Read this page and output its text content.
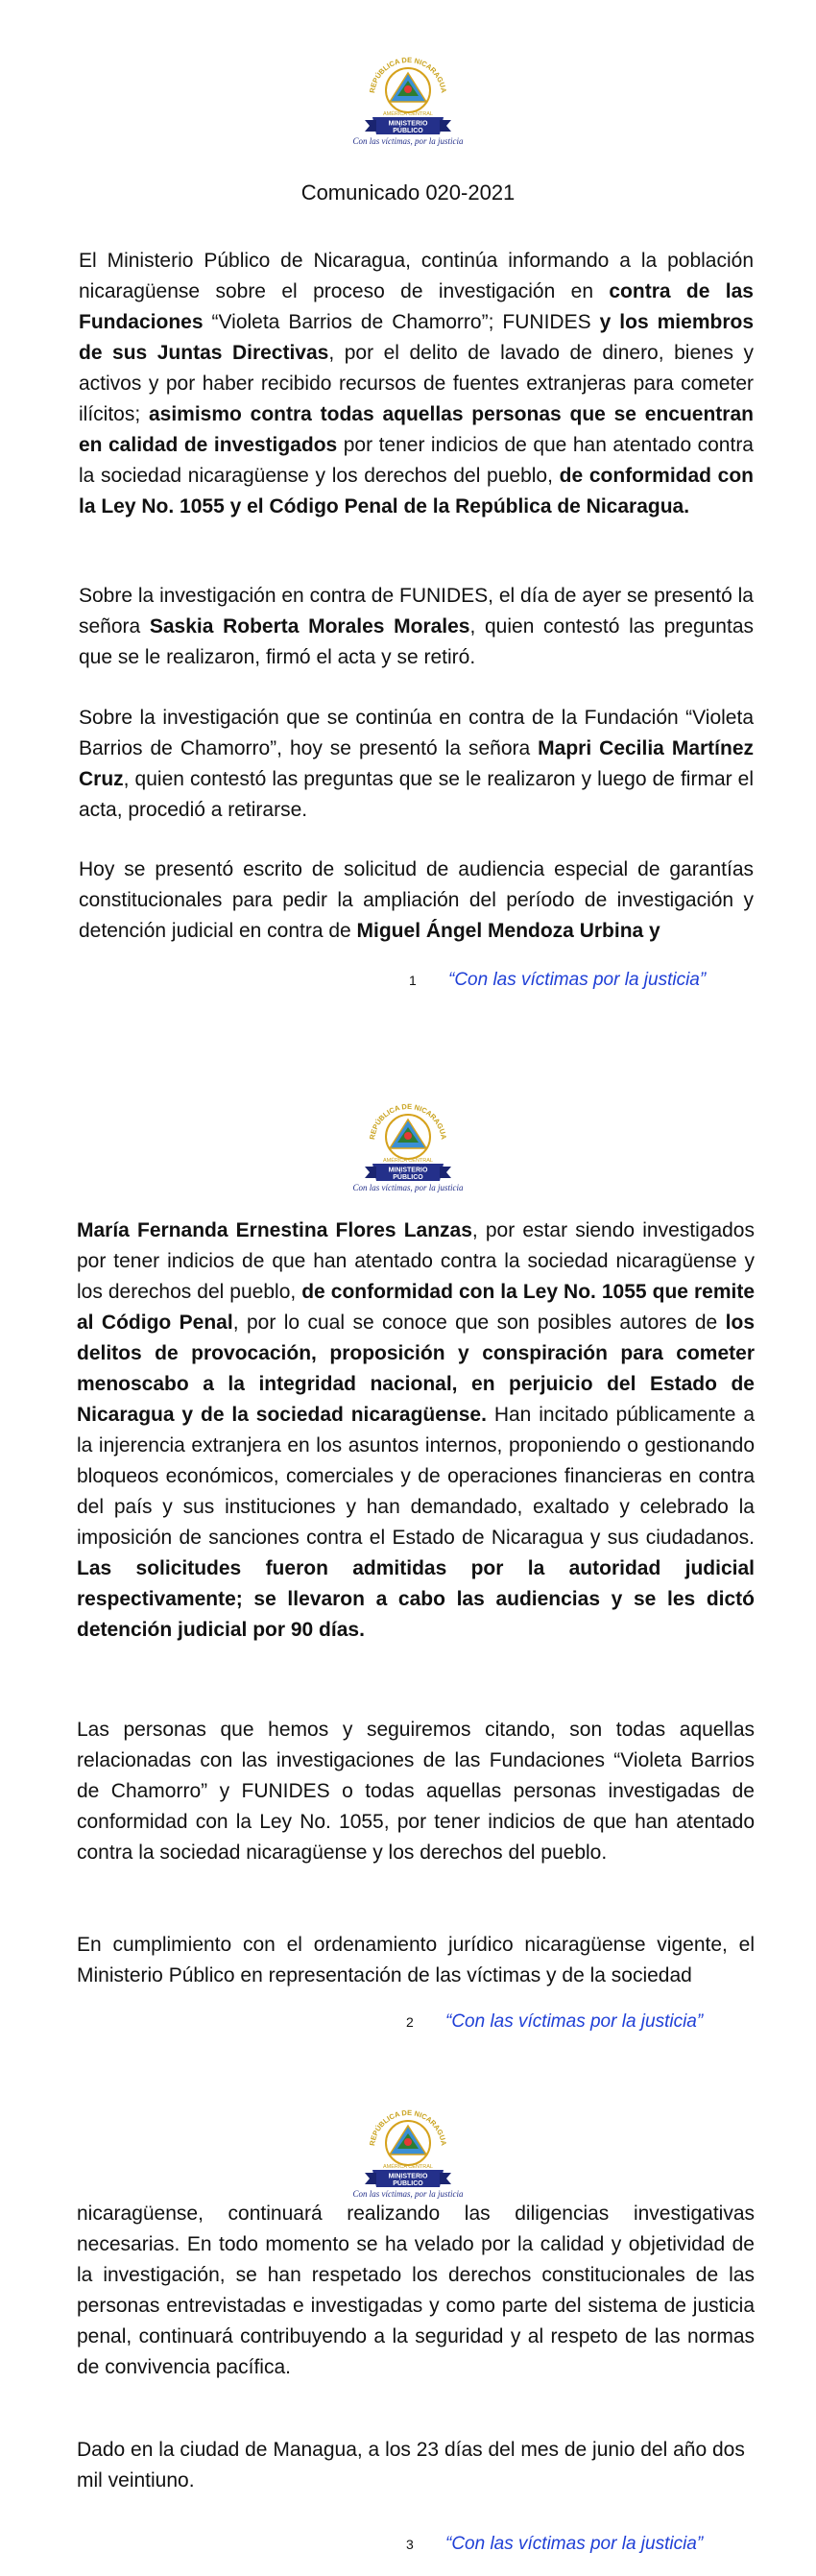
REPÚBLICA DE NICARAGUA
AMÉRICA CENTRAL
MINISTERIO
PÚBLICO
Con las víctimas, por la justicia
Comunicado 020-2021
El Ministerio Público de Nicaragua, continúa informando a la población nicaragüense sobre el proceso de investigación en contra de las Fundaciones “Violeta Barrios de Chamorro”; FUNIDES y los miembros de sus Juntas Directivas, por el delito de lavado de dinero, bienes y activos y por haber recibido recursos de fuentes extranjeras para cometer ilícitos; asimismo contra todas aquellas personas que se encuentran en calidad de investigados por tener indicios de que han atentado contra la sociedad nicaragüense y los derechos del pueblo, de conformidad con la Ley No. 1055 y el Código Penal de la República de Nicaragua.
Sobre la investigación en contra de FUNIDES, el día de ayer se presentó la señora Saskia Roberta Morales Morales, quien contestó las preguntas que se le realizaron, firmó el acta y se retiró.
Sobre la investigación que se continúa en contra de la Fundación “Violeta Barrios de Chamorro”, hoy se presentó la señora Mapri Cecilia Martínez Cruz, quien contestó las preguntas que se le realizaron y luego de firmar el acta, procedió a retirarse.
Hoy se presentó escrito de solicitud de audiencia especial de garantías constitucionales para pedir la ampliación del período de investigación y detención judicial en contra de Miguel Ángel Mendoza Urbina y
1 “Con las víctimas por la justicia”
REPÚBLICA DE NICARAGUA
AMÉRICA CENTRAL
MINISTERIO
PÚBLICO
Con las víctimas, por la justicia
María Fernanda Ernestina Flores Lanzas, por estar siendo investigados por tener indicios de que han atentado contra la sociedad nicaragüense y los derechos del pueblo, de conformidad con la Ley No. 1055 que remite al Código Penal, por lo cual se conoce que son posibles autores de los delitos de provocación, proposición y conspiración para cometer menoscabo a la integridad nacional, en perjuicio del Estado de Nicaragua y de la sociedad nicaragüense. Han incitado públicamente a la injerencia extranjera en los asuntos internos, proponiendo o gestionando bloqueos económicos, comerciales y de operaciones financieras en contra del país y sus instituciones y han demandado, exaltado y celebrado la imposición de sanciones contra el Estado de Nicaragua y sus ciudadanos. Las solicitudes fueron admitidas por la autoridad judicial respectivamente; se llevaron a cabo las audiencias y se les dictó detención judicial por 90 días.
Las personas que hemos y seguiremos citando, son todas aquellas relacionadas con las investigaciones de las Fundaciones “Violeta Barrios de Chamorro” y FUNIDES o todas aquellas personas investigadas de conformidad con la Ley No. 1055, por tener indicios de que han atentado contra la sociedad nicaragüense y los derechos del pueblo.
En cumplimiento con el ordenamiento jurídico nicaragüense vigente, el Ministerio Público en representación de las víctimas y de la sociedad
2 “Con las víctimas por la justicia”
REPÚBLICA DE NICARAGUA
AMÉRICA CENTRAL
MINISTERIO
PÚBLICO
Con las víctimas, por la justicia
nicaragüense, continuará realizando las diligencias investigativas necesarias. En todo momento se ha velado por la calidad y objetividad de la investigación, se han respetado los derechos constitucionales de las personas entrevistadas e investigadas y como parte del sistema de justicia penal, continuará contribuyendo a la seguridad y al respeto de las normas de convivencia pacífica.
Dado en la ciudad de Managua, a los 23 días del mes de junio del año dos mil veintiuno.
3 “Con las víctimas por la justicia”
